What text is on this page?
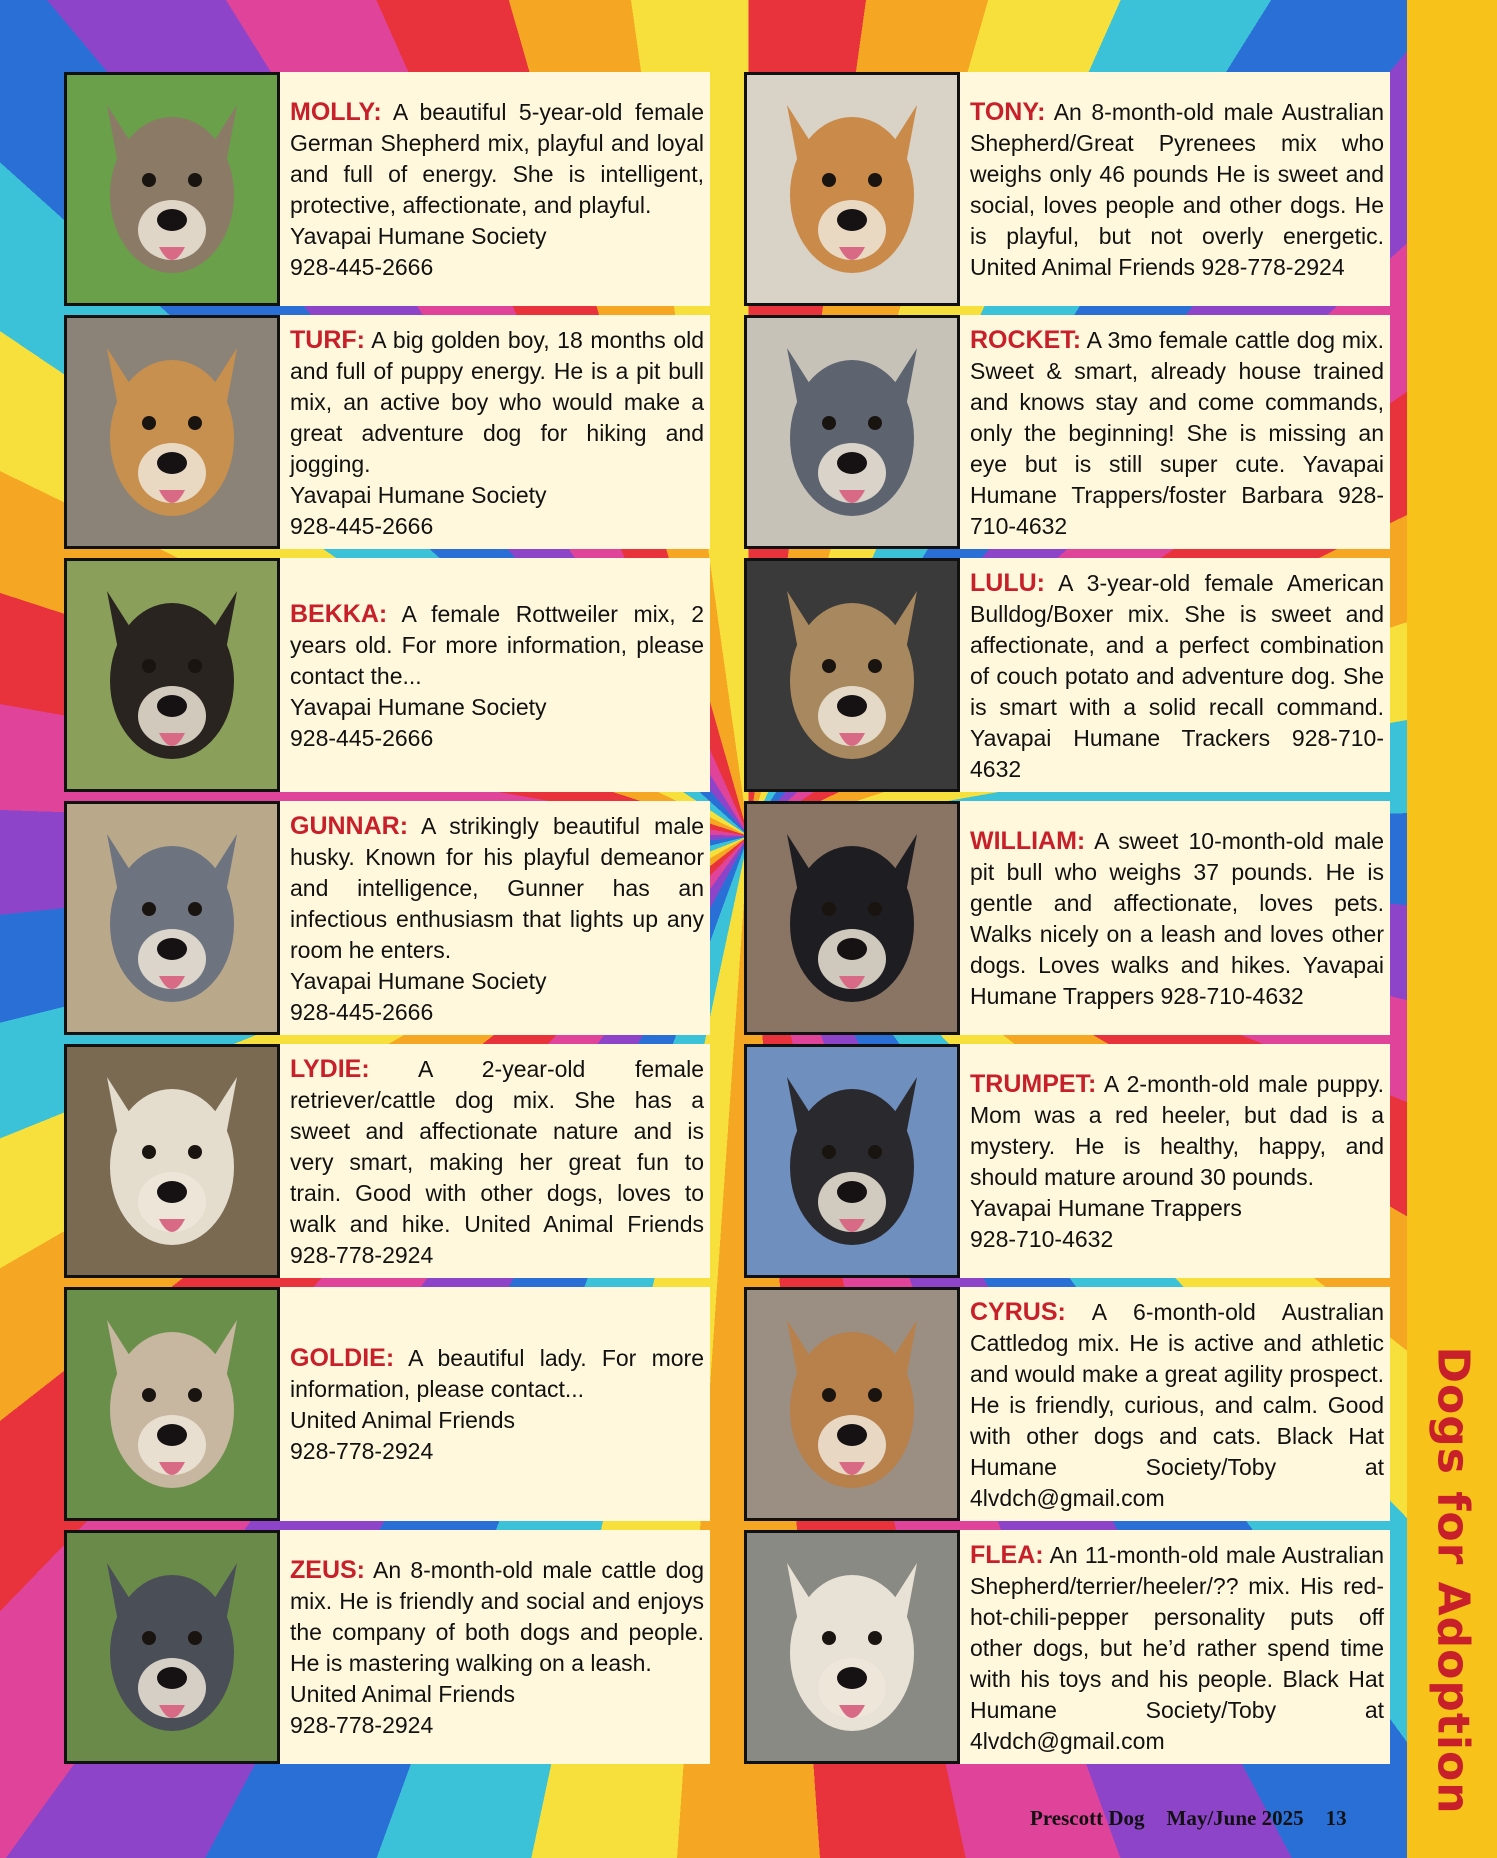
MOLLY: A beautiful 5-year-old female German Shepherd mix, playful and loyal and full of energy. She is intelligent, protective, affectionate, and playful.

Yavapai Humane Society

928-445-2666

TONY: An 8-month-old male Australian Shepherd/Great Pyrenees mix who weighs only 46 pounds He is sweet and social, loves people and other dogs. He is playful, but not overly energetic. United Animal Friends 928-778-2924

TURF: A big golden boy, 18 months old and full of puppy energy. He is a pit bull mix, an active boy who would make a great adventure dog for hiking and jogging.

Yavapai Humane Society

928-445-2666

ROCKET: A 3mo female cattle dog mix. Sweet & smart, already house trained and knows stay and come commands, only the beginning! She is missing an eye but is still super cute. Yavapai Humane Trappers/foster Barbara 928-710-4632

BEKKA: A female Rottweiler mix, 2 years old. For more information, please contact the...

Yavapai Humane Society

928-445-2666

LULU: A 3-year-old female American Bulldog/Boxer mix. She is sweet and affectionate, and a perfect combination of couch potato and adventure dog. She is smart with a solid recall command. Yavapai Humane Trackers 928-710-4632

GUNNAR: A strikingly beautiful male husky. Known for his playful demeanor and intelligence, Gunner has an infectious enthusiasm that lights up any room he enters.

Yavapai Humane Society

928-445-2666

WILLIAM: A sweet 10-month-old male pit bull who weighs 37 pounds. He is gentle and affectionate, loves pets. Walks nicely on a leash and loves other dogs. Loves walks and hikes. Yavapai Humane Trappers 928-710-4632

LYDIE: A 2-year-old female retriever/cattle dog mix. She has a sweet and affectionate nature and is very smart, making her great fun to train. Good with other dogs, loves to walk and hike. United Animal Friends 928-778-2924

TRUMPET: A 2-month-old male puppy. Mom was a red heeler, but dad is a mystery. He is healthy, happy, and should mature around 30 pounds.

Yavapai Humane Trappers

928-710-4632

GOLDIE: A beautiful lady. For more information, please contact...

United Animal Friends

928-778-2924

CYRUS: A 6-month-old Australian Cattledog mix. He is active and athletic and would make a great agility prospect. He is friendly, curious, and calm. Good with other dogs and cats. Black Hat Humane Society/Toby at 4lvdch@gmail.com

ZEUS: An 8-month-old male cattle dog mix. He is friendly and social and enjoys the company of both dogs and people. He is mastering walking on a leash.

United Animal Friends

928-778-2924

FLEA: An 11-month-old male Australian Shepherd/terrier/heeler/?? mix. His red-hot-chili-pepper personality puts off other dogs, but he’d rather spend time with his toys and his people. Black Hat Humane Society/Toby at 4lvdch@gmail.com	Dogs for Adoption
Prescott Dog May/June 2025 13
